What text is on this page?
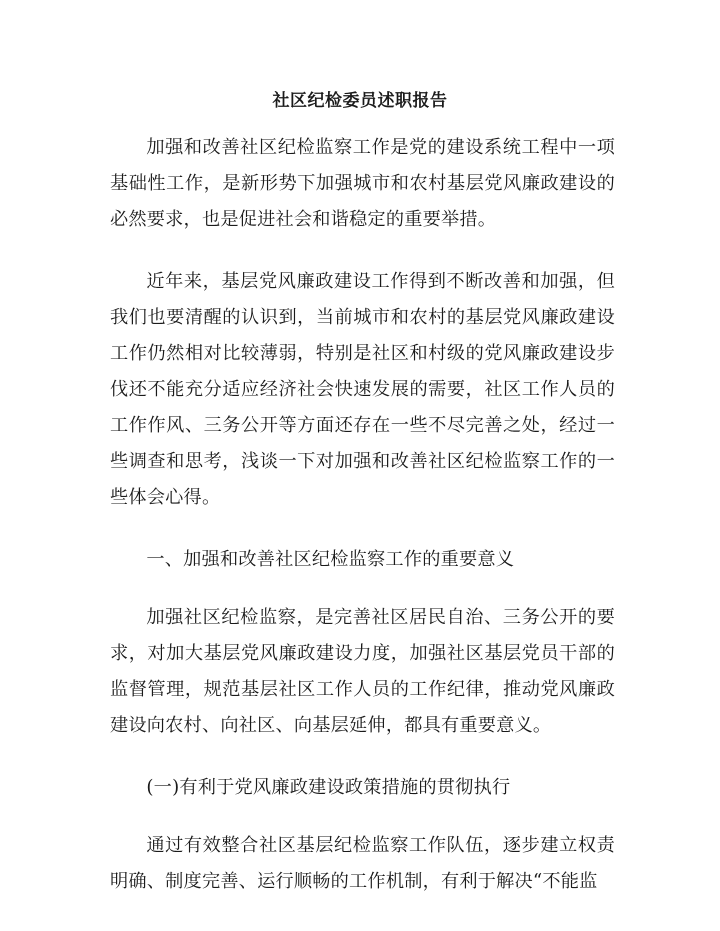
社区纪检委员述职报告

加强和改善社区纪检监察工作是党的建设系统工程中一项基础性工作，是新形势下加强城市和农村基层党风廉政建设的必然要求，也是促进社会和谐稳定的重要举措。

近年来，基层党风廉政建设工作得到不断改善和加强，但我们也要清醒的认识到，当前城市和农村的基层党风廉政建设工作仍然相对比较薄弱，特别是社区和村级的党风廉政建设步伐还不能充分适应经济社会快速发展的需要，社区工作人员的工作作风、三务公开等方面还存在一些不尽完善之处，经过一些调查和思考，浅谈一下对加强和改善社区纪检监察工作的一些体会心得。

一、加强和改善社区纪检监察工作的重要意义

加强社区纪检监察，是完善社区居民自治、三务公开的要求，对加大基层党风廉政建设力度，加强社区基层党员干部的监督管理，规范基层社区工作人员的工作纪律，推动党风廉政建设向农村、向社区、向基层延伸，都具有重要意义。

(一)有利于党风廉政建设政策措施的贯彻执行

通过有效整合社区基层纪检监察工作队伍，逐步建立权责明确、制度完善、运行顺畅的工作机制，有利于解决“不能监
